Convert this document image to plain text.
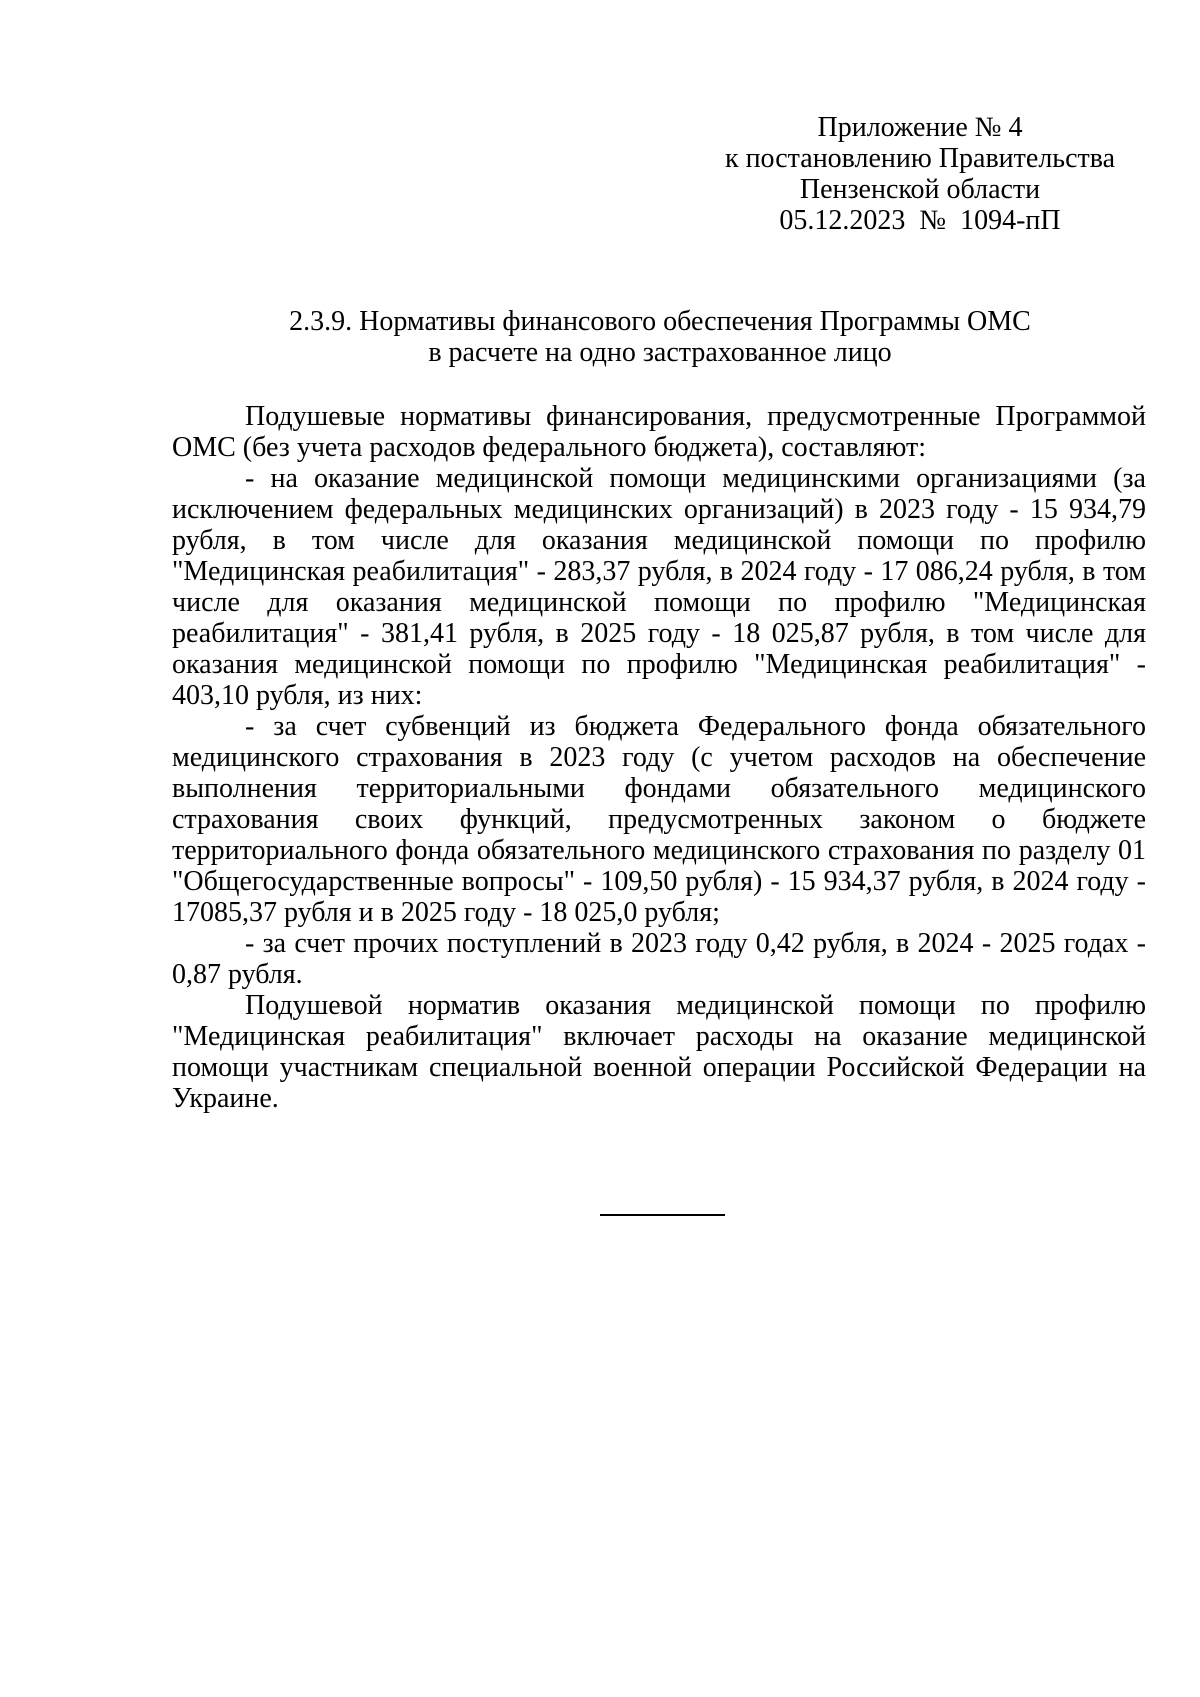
Приложение № 4
к постановлению Правительства
Пензенской области
05.12.2023  №  1094-пП
2.3.9. Нормативы финансового обеспечения Программы ОМС
в расчете на одно застрахованное лицо

Подушевые нормативы финансирования, предусмотренные Программой ОМС (без учета расходов федерального бюджета), составляют:

- на оказание медицинской помощи медицинскими организациями (за исключением федеральных медицинских организаций) в 2023 году - 15 934,79 рубля, в том числе для оказания медицинской помощи по профилю "Медицинская реабилитация" - 283,37 рубля, в 2024 году - 17 086,24 рубля, в том числе для оказания медицинской помощи по профилю "Медицинская реабилитация" - 381,41 рубля, в 2025 году - 18 025,87 рубля, в том числе для оказания медицинской помощи по профилю "Медицинская реабилитация" - 403,10 рубля, из них:

- за счет субвенций из бюджета Федерального фонда обязательного медицинского страхования в 2023 году (с учетом расходов на обеспечение выполнения территориальными фондами обязательного медицинского страхования своих функций, предусмотренных законом о бюджете территориального фонда обязательного медицинского страхования по разделу 01 "Общегосударственные вопросы" - 109,50 рубля) - 15 934,37 рубля, в 2024 году - 17085,37 рубля и в 2025 году - 18 025,0 рубля;

- за счет прочих поступлений в 2023 году 0,42 рубля, в 2024 - 2025 годах - 0,87 рубля.

Подушевой норматив оказания медицинской помощи по профилю "Медицинская реабилитация" включает расходы на оказание медицинской помощи участникам специальной военной операции Российской Федерации на Украине.
